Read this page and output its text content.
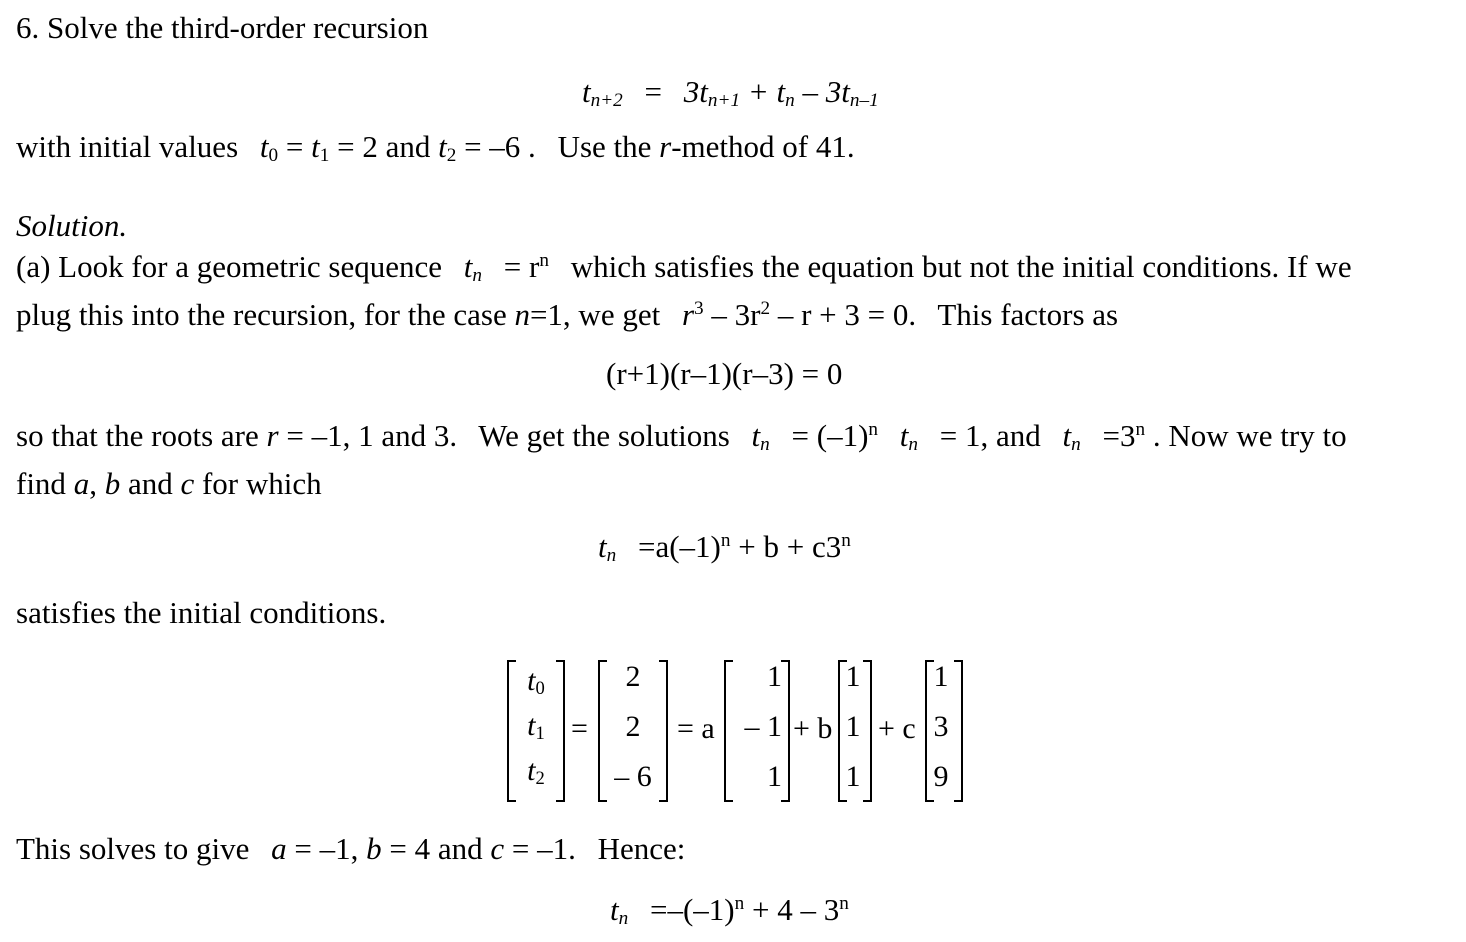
6. Solve the third-order recursion
$t_{n+2} = 3t_{n+1} + t_n - 3t_{n-1}$
with initial values $t_0 = t_1 = 2$ and $t_2 = -6$ . Use the r-method of 41.
Solution.
(a) Look for a geometric sequence $t_n = r^n$ which satisfies the equation but not the initial conditions. If we
plug this into the recursion, for the case n=1, we get $r^3 - 3r^2 - r + 3 = 0$. This factors as
(r+1)(r–1)(r–3) = 0
so that the roots are r = –1, 1 and 3. We get the solutions $t_n = (-1)^n$ $t_n = 1$, and $t_n =3^n$ . Now we try to
find a, b and c for which
$t_n =a(-1)^n + b + c3^n$
satisfies the initial conditions.
$t_0$
$t_1$
$t_2$
=
2
2
– 6
= a
1
– 1
1
+ b
1
1
1
+ c
1
3
9
This solves to give a = –1, b = 4 and c = –1. Hence:
$t_n =-(-1)^n + 4 - 3^n$
